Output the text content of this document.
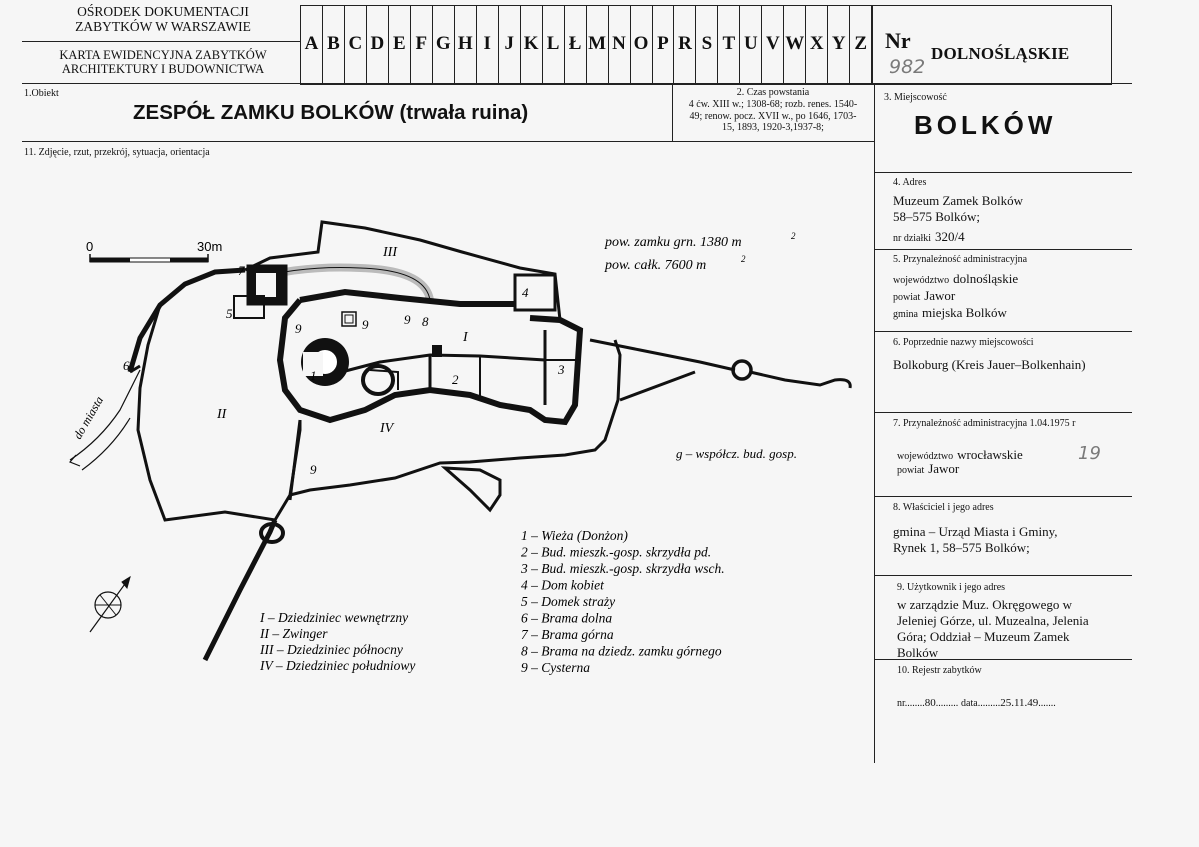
OŚRODEK DOKUMENTACJI
ZABYTKÓW W WARSZAWIE
KARTA EWIDENCYJNA ZABYTKÓW
ARCHITEKTURY I BUDOWNICTWA
A B C D E F G H I J K L Ł M N O P R S T U V W X Y Z Nr
DOLNOŚLĄSKIE
982
1.Obiekt
ZESPÓŁ ZAMKU BOLKÓW (trwała ruina)
2. Czas powstania
4 ćw. XIII w.; 1308-68; rozb. renes. 1540-
49; renow. pocz. XVII w., po 1646, 1703-
15, 1893, 1920-3,1937-8;
3. Miejscowość
BOLKÓW
11. Zdjęcie, rzut, przekrój, sytuacja, orientacja
4. Adres
Muzeum Zamek Bolków
58–575 Bolków;
nr działki 320/4
5. Przynależność administracyjna
województwo dolnośląskie
powiat Jawor
gmina miejska Bolków
6. Poprzednie nazwy miejscowości
Bolkoburg (Kreis Jauer–Bolkenhain)
7. Przynależność administracyjna 1.04.1975 r
województwo wrocławskie
powiat Jawor
19
8. Właściciel i jego adres
gmina – Urząd Miasta i Gminy,
Rynek 1, 58–575 Bolków;
9. Użytkownik i jego adres
w zarządzie Muz. Okręgowego w
Jeleniej Górze, ul. Muzealna, Jelenia
Góra; Oddział – Muzeum Zamek
Bolków
10. Rejestr zabytków
nr........80......... data.........25.11.49.......
0	30m	pow. zamku grn. 1380 m	2
pow. całk. 7600 m	2
do miasta
g – współcz. bud. gosp.
III
I
II
IV
1	2
3
4
5
6
7
8
9
9
9
9
1 – Wieża (Donżon)
2 – Bud. mieszk.-gosp. skrzydła pd.
3 – Bud. mieszk.-gosp. skrzydła wsch.
4 – Dom kobiet
5 – Domek straży
6 – Brama dolna
7 – Brama górna
8 – Brama na dziedz. zamku górnego
9 – Cysterna
I – Dziedziniec wewnętrzny
II – Zwinger
III – Dziedziniec północny
IV – Dziedziniec południowy
